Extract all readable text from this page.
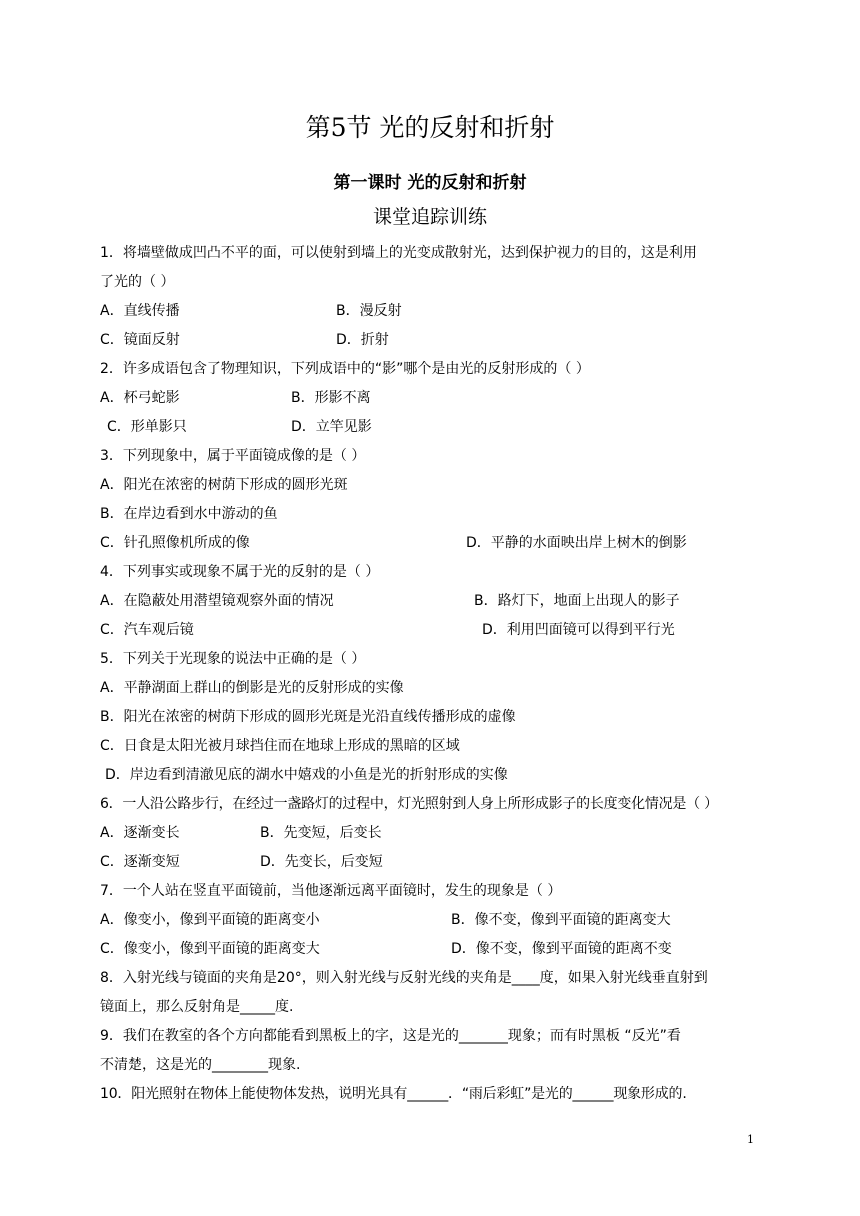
第5节 光的反射和折射
第一课时 光的反射和折射
课堂追踪训练
1．将墙壁做成凹凸不平的面，可以使射到墙上的光变成散射光，达到保护视力的目的，这是利用
了光的（ ）
A．直线传播	B．漫反射
C．镜面反射	D．折射
2．许多成语包含了物理知识，下列成语中的“影”哪个是由光的反射形成的（ ）
A．杯弓蛇影	B．形影不离
C．形单影只	D．立竿见影
3．下列现象中，属于平面镜成像的是（ ）
A．阳光在浓密的树荫下形成的圆形光斑
B．在岸边看到水中游动的鱼
C．针孔照像机所成的像	D．平静的水面映出岸上树木的倒影
4．下列事实或现象不属于光的反射的是（ ）
A．在隐蔽处用潜望镜观察外面的情况	B．路灯下，地面上出现人的影子
C．汽车观后镜	D．利用凹面镜可以得到平行光
5．下列关于光现象的说法中正确的是（ ）
A．平静湖面上群山的倒影是光的反射形成的实像
B．阳光在浓密的树荫下形成的圆形光斑是光沿直线传播形成的虚像
C．日食是太阳光被月球挡住而在地球上形成的黑暗的区域
D．岸边看到清澈见底的湖水中嬉戏的小鱼是光的折射形成的实像
6．一人沿公路步行，在经过一盏路灯的过程中，灯光照射到人身上所形成影子的长度变化情况是（ ）
A．逐渐变长	B．先变短，后变长
C．逐渐变短	D．先变长，后变短
7．一个人站在竖直平面镜前，当他逐渐远离平面镜时，发生的现象是（ ）
A．像变小，像到平面镜的距离变小	B．像不变，像到平面镜的距离变大
C．像变小，像到平面镜的距离变大	D．像不变，像到平面镜的距离不变
8．入射光线与镜面的夹角是20°，则入射光线与反射光线的夹角是____度，如果入射光线垂直射到
镜面上，那么反射角是_____度.
9．我们在教室的各个方向都能看到黑板上的字，这是光的_______现象；而有时黑板 “反光”看
不清楚，这是光的________现象.
10．阳光照射在物体上能使物体发热，说明光具有______．“雨后彩虹”是光的______现象形成的.
1
